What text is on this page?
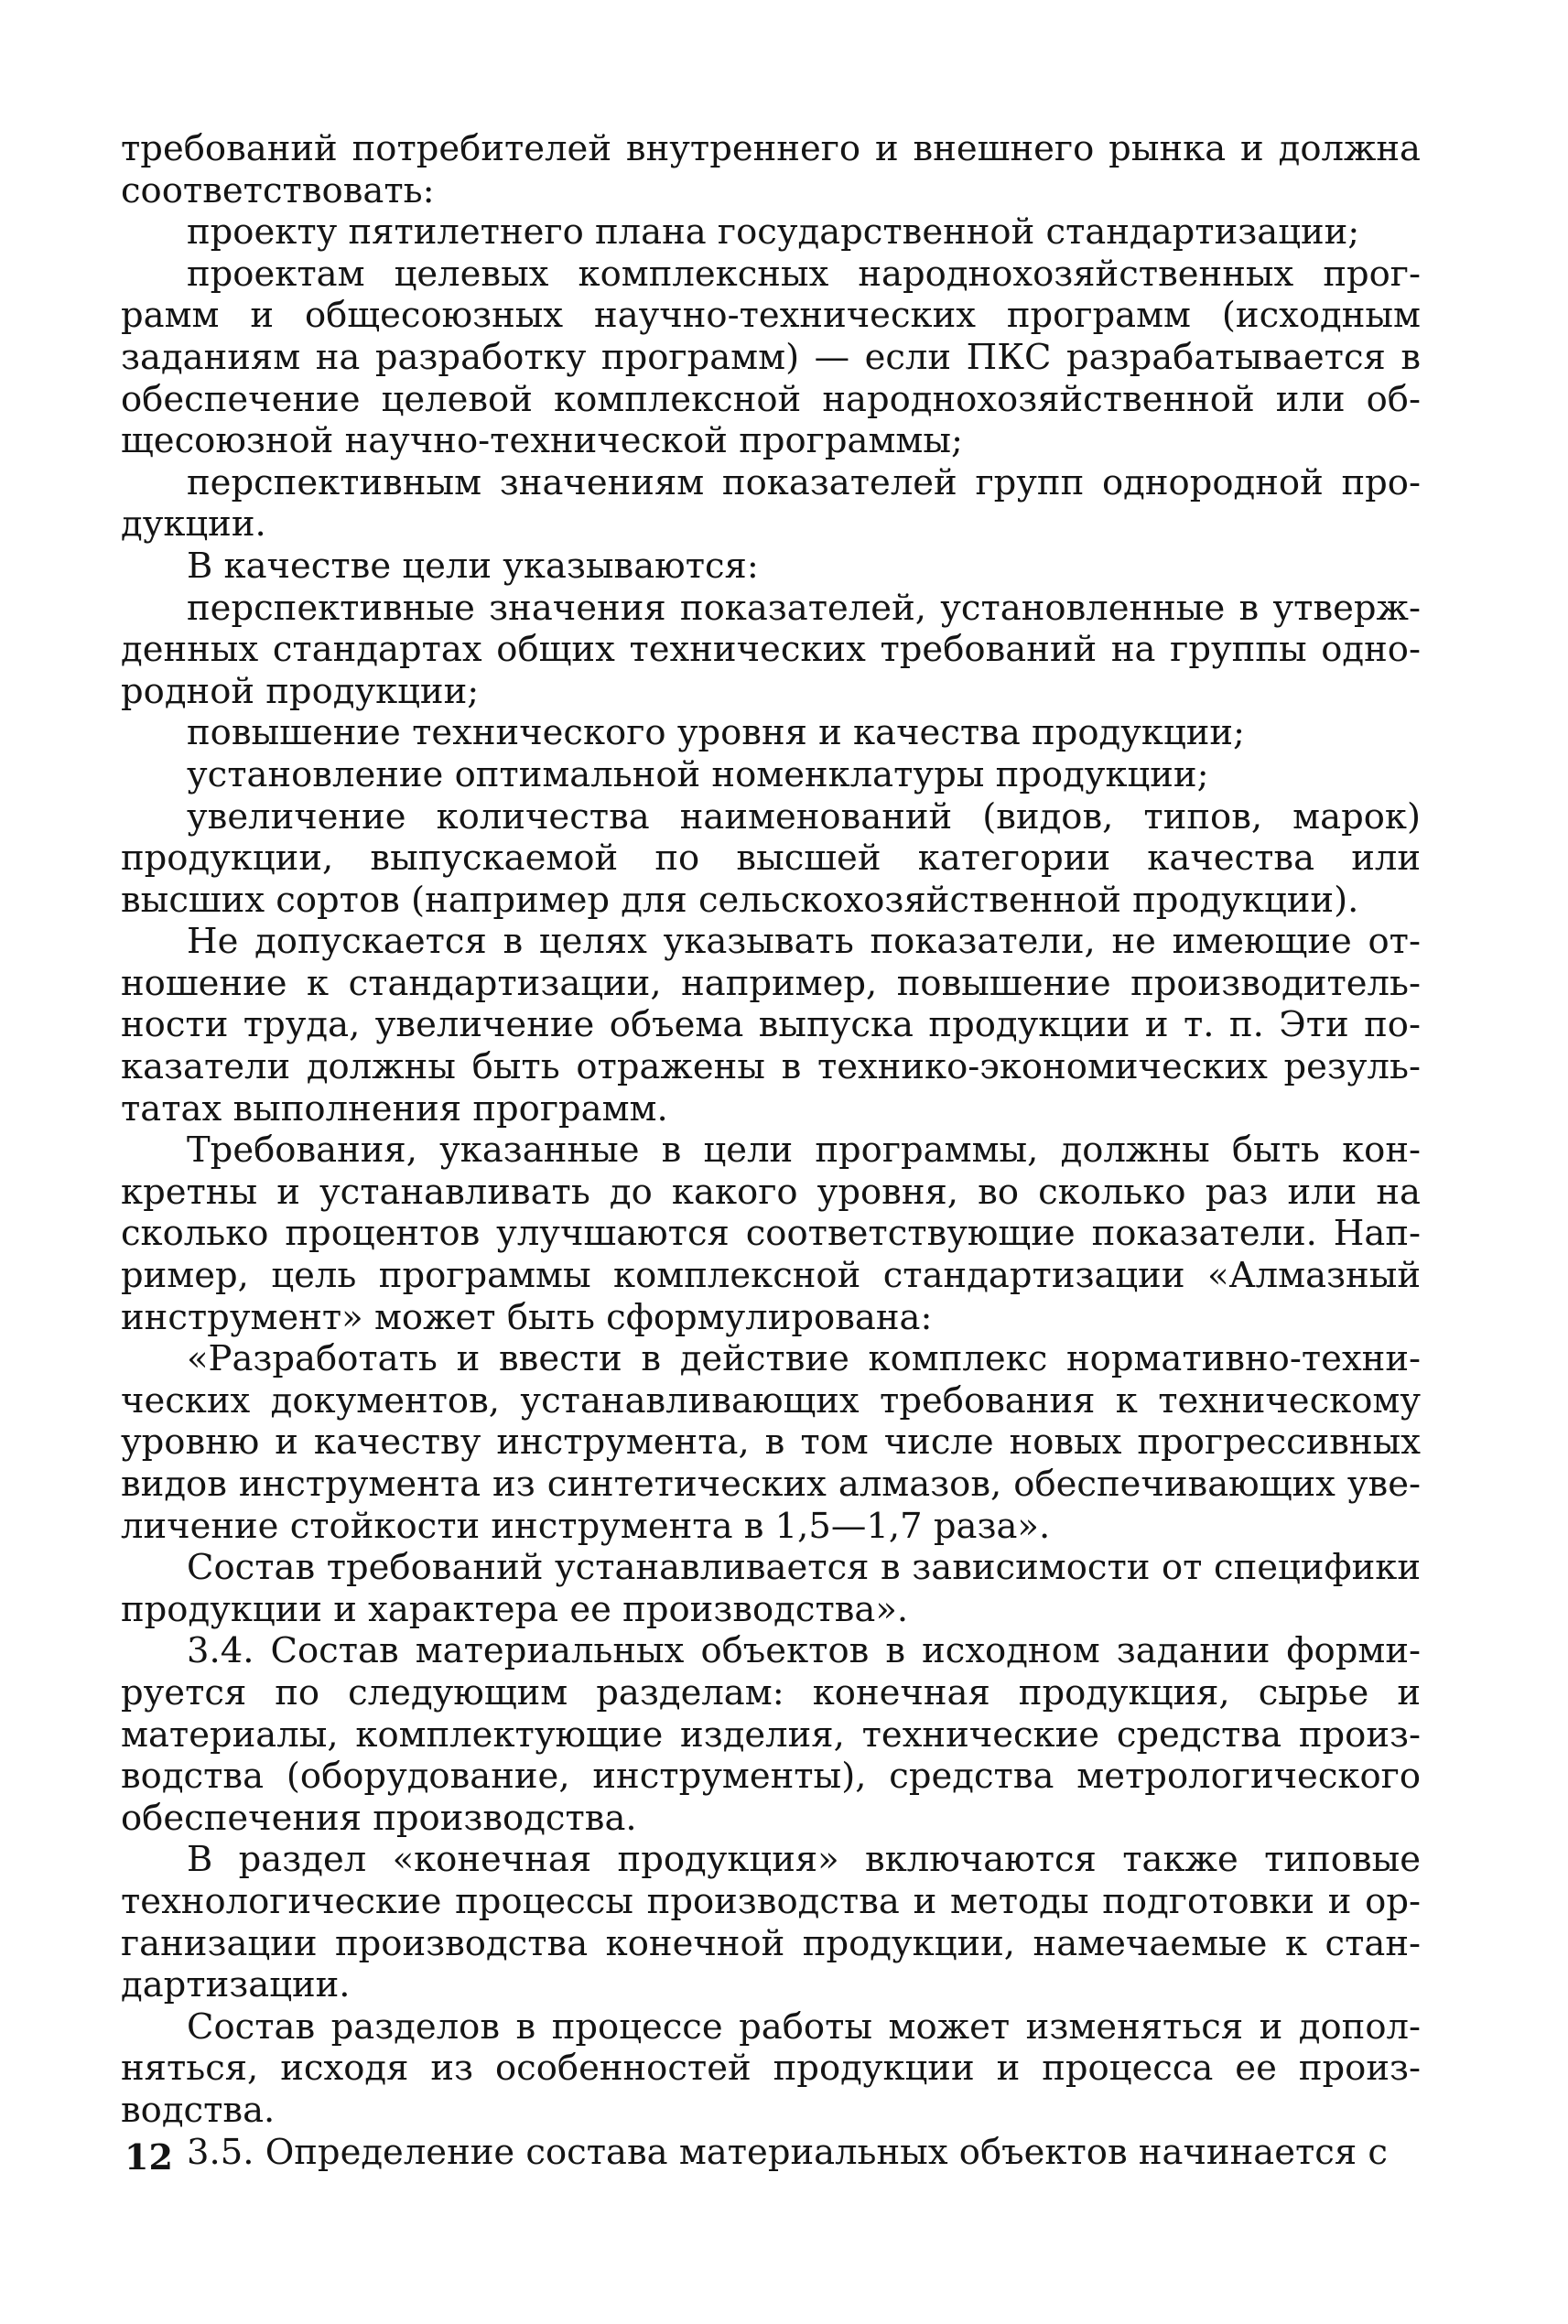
требований потребителей внутреннего и внешнего рынка и должна соответствовать:

проекту пятилетнего плана государственной стандартизации;

проектам целевых комплексных народнохозяйственных программ и общесоюзных научно-технических программ (исходным заданиям на разработку программ) — если ПКС разрабатывается в обеспечение целевой комплексной народнохозяйственной или общесоюзной научно-технической программы;

перспективным значениям показателей групп однородной продукции.

В качестве цели указываются:

перспективные значения показателей, установленные в утвержденных стандартах общих технических требований на группы однородной продукции;

повышение технического уровня и качества продукции;

установление оптимальной номенклатуры продукции;

увеличение количества наименований (видов, типов, марок) продукции, выпускаемой по высшей категории качества или высших сортов (например для сельскохозяйственной продукции).

Не допускается в целях указывать показатели, не имеющие отношение к стандартизации, например, повышение производительности труда, увеличение объема выпуска продукции и т. п. Эти показатели должны быть отражены в технико-экономических результатах выполнения программ.

Требования, указанные в цели программы, должны быть конкретны и устанавливать до какого уровня, во сколько раз или на сколько процентов улучшаются соответствующие показатели. Например, цель программы комплексной стандартизации «Алмазный инструмент» может быть сформулирована:

«Разработать и ввести в действие комплекс нормативно-технических документов, устанавливающих требования к техническому уровню и качеству инструмента, в том числе новых прогрессивных видов инструмента из синтетических алмазов, обеспечивающих увеличение стойкости инструмента в 1,5—1,7 раза».

Состав требований устанавливается в зависимости от специфики продукции и характера ее производства».

3.4. Состав материальных объектов в исходном задании формируется по следующим разделам: конечная продукция, сырье и материалы, комплектующие изделия, технические средства производства (оборудование, инструменты), средства метрологического обеспечения производства.

В раздел «конечная продукция» включаются также типовые технологические процессы производства и методы подготовки и организации производства конечной продукции, намечаемые к стандартизации.

Состав разделов в процессе работы может изменяться и дополняться, исходя из особенностей продукции и процесса ее производства.

3.5. Определение состава материальных объектов начинается с

12
